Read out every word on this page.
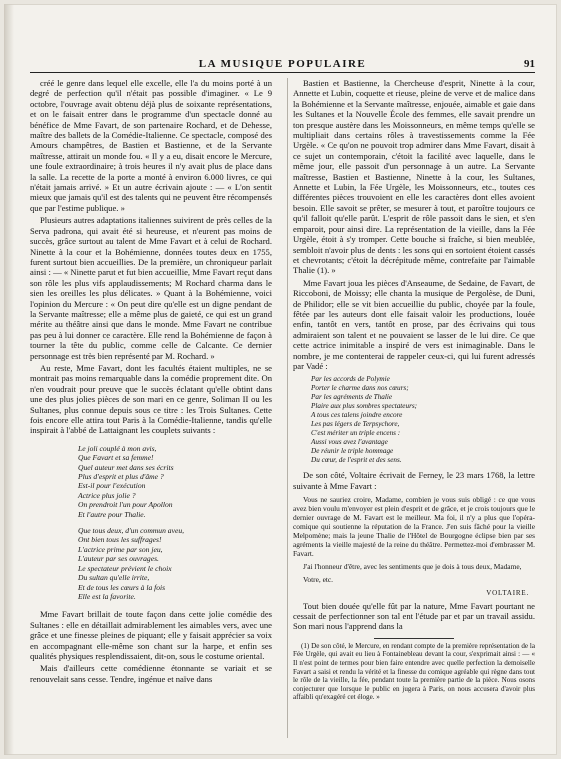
LA MUSIQUE POPULAIRE	91

créé le genre dans lequel elle excelle, elle l'a du moins porté à un degré de perfection qu'il n'était pas possible d'imaginer. « Le 9 octobre, l'ouvrage avait obtenu déjà plus de soixante représentations, et on le faisait entrer dans le programme d'un spectacle donné au bénéfice de Mme Favart, de son partenaire Rochard, et de Dehesse, maître des ballets de la Comédie-Italienne. Ce spectacle, composé des Amours champêtres, de Bastien et Bastienne, et de la Servante maîtresse, attirait un monde fou. « Il y a eu, disait encore le Mercure, une foule extraordinaire; à trois heures il n'y avait plus de place dans la salle. La recette de la porte a monté à environ 6.000 livres, ce qui n'était jamais arrivé. » Et un autre écrivain ajoute : — « L'on sentit mieux que jamais qu'il est des talents qui ne peuvent être récompensés que par l'estime publique. »

Plusieurs autres adaptations italiennes suivirent de près celles de la Serva padrona, qui avait été si heureuse, et n'eurent pas moins de succès, grâce surtout au talent de Mme Favart et à celui de Rochard. Ninette à la cour et la Bohémienne, données toutes deux en 1755, furent surtout bien accueillies. De la première, un chroniqueur parlait ainsi : — « Ninette parut et fut bien accueillie, Mme Favart reçut dans son rôle les plus vifs applaudissements; M Rochard charma dans le sien les oreilles les plus délicates. » Quant à la Bohémienne, voici l'opinion du Mercure : « On peut dire qu'elle est un digne pendant de la Servante maîtresse; elle a même plus de gaieté, ce qui est un grand mérite au théâtre ainsi que dans le monde. Mme Favart ne contribue pas peu à lui donner ce caractère. Elle rend la Bohémienne de façon à tourner la tête du public, comme celle de Calcante. Ce dernier personnage est très bien représenté par M. Rochard. »

Au reste, Mme Favart, dont les facultés étaient multiples, ne se montrait pas moins remarquable dans la comédie proprement dite. On n'en voudrait pour preuve que le succès éclatant qu'elle obtint dans une des plus jolies pièces de son mari en ce genre, Soliman II ou les Sultanes, plus connue depuis sous ce titre : les Trois Sultanes. Cette fois encore elle attira tout Paris à la Comédie-Italienne, tandis qu'elle inspirait à l'abbé de Lattaignant les couplets suivants :

Le joli couplé à mon avis,
Que Favart et sa femme!
Quel auteur met dans ses écrits
Plus d'esprit et plus d'âme ?
Est-il pour l'exécution
Actrice plus jolie ?
On prendroit l'un pour Apollon
Et l'autre pour Thalie.
Que tous deux, d'un commun aveu,
Ont bien tous les suffrages!
L'actrice prime par son jeu,
L'auteur par ses ouvrages.
Le spectateur prévient le choix
Du sultan qu'elle irrite,
Et de tous les cœurs à la fois
Elle est la favorite.

Mme Favart brillait de toute façon dans cette jolie comédie des Sultanes : elle en détaillait admirablement les aimables vers, avec une grâce et une finesse pleines de piquant; elle y faisait apprécier sa voix en accompagnant elle-même son chant sur la harpe, et enfin ses qualités physiques resplendissaient, dit-on, sous le costume oriental.

Mais d'ailleurs cette comédienne étonnante se variait et se renouvelait sans cesse. Tendre, ingénue et naïve dans

Bastien et Bastienne, la Chercheuse d'esprit, Ninette à la cour, Annette et Lubin, coquette et rieuse, pleine de verve et de malice dans la Bohémienne et la Servante maîtresse, enjouée, aimable et gaie dans les Sultanes et la Nouvelle École des femmes, elle savait prendre un ton presque austère dans les Moissonneurs, en même temps qu'elle se multipliait dans certains rôles à travestissements comme la Fée Urgèle. « Ce qu'on ne pouvoit trop admirer dans Mme Favart, disait à ce sujet un contemporain, c'étoit la facilité avec laquelle, dans le même jour, elle passoit d'un personnage à un autre. La Servante maîtresse, Bastien et Bastienne, Ninette à la cour, les Sultanes, Annette et Lubin, la Fée Urgèle, les Moissonneurs, etc., toutes ces différentes pièces trouvoient en elle les caractères dont elles avoient besoin. Elle savoit se prêter, se mesurer à tout, et paroître toujours ce qu'il falloit qu'elle parût. L'esprit de rôle passoit dans le sien, et s'en emparoit, pour ainsi dire. La représentation de la vieille, dans la Fée Urgèle, étoit à s'y tromper. Cette bouche si fraîche, si bien meublée, sembloit n'avoir plus de dents : les sons qui en sortoient étoient cassés et chevrotants; c'étoit la décrépitude même, contrefaite par l'aimable Thalie (1). »

Mme Favart joua les pièces d'Anseaume, de Sedaine, de Favart, de Riccoboni, de Moissy; elle chanta la musique de Pergolèse, de Duni, de Philidor; elle se vit bien accueillie du public, choyée par la foule, fêtée par les auteurs dont elle faisait valoir les productions, louée enfin, tantôt en vers, tantôt en prose, par des écrivains qui tous admiraient son talent et ne pouvaient se lasser de le lui dire. Ce que cette actrice inimitable a inspiré de vers est inimaginable. Dans le nombre, je me contenterai de rappeler ceux-ci, qui lui furent adressés par Vadé :

Par les accords de Polymie
Porter le charme dans nos cœurs;
Par les agréments de Thalie
Plaire aux plus sombres spectateurs;
A tous ces talens joindre encore
Les pas légers de Terpsychore,
C'est mériter un triple encens :
Aussi vous avez l'avantage
De réunir le triple hommage
Du cœur, de l'esprit et des sens.

De son côté, Voltaire écrivait de Ferney, le 23 mars 1768, la lettre suivante à Mme Favart :

Vous ne sauriez croire, Madame, combien je vous suis obligé : ce que vous avez bien voulu m'envoyer est plein d'esprit et de grâce, et je crois toujours que le dernier ouvrage de M. Favart est le meilleur. Ma foi, il n'y a plus que l'opéra-comique qui soutienne la réputation de la France. J'en suis fâché pour la vieille Melpomène; mais la jeune Thalie de l'Hôtel de Bourgogne éclipse bien par ses agréments la vieille majesté de la reine du théâtre. Permettez-moi d'embrasser M. Favart.
J'ai l'honneur d'être, avec les sentiments que je dois à tous deux, Madame,
Votre, etc.
VOLTAIRE.

Tout bien douée qu'elle fût par la nature, Mme Favart pourtant ne cessait de perfectionner son tal ent l'étude par et par un travail assidu. Son mari nous l'apprend dans la

(1) De son côté, le Mercure, en rendant compte de la première représentation de la Fée Urgèle, qui avait eu lieu à Fontainebleau devant la cour, s'exprimait ainsi : — « Il n'est point de termes pour bien faire entendre avec quelle perfection la demoiselle Favart a saisi et rendu la vérité et la finesse du comique agréable qui règne dans tout le rôle de la vieille, la fée, pendant toute la première partie de la pièce. Nous osons conjecturer que lorsque le public en jugera à Paris, on nous accusera d'avoir plus affaibli qu'exagéré cet éloge. »
